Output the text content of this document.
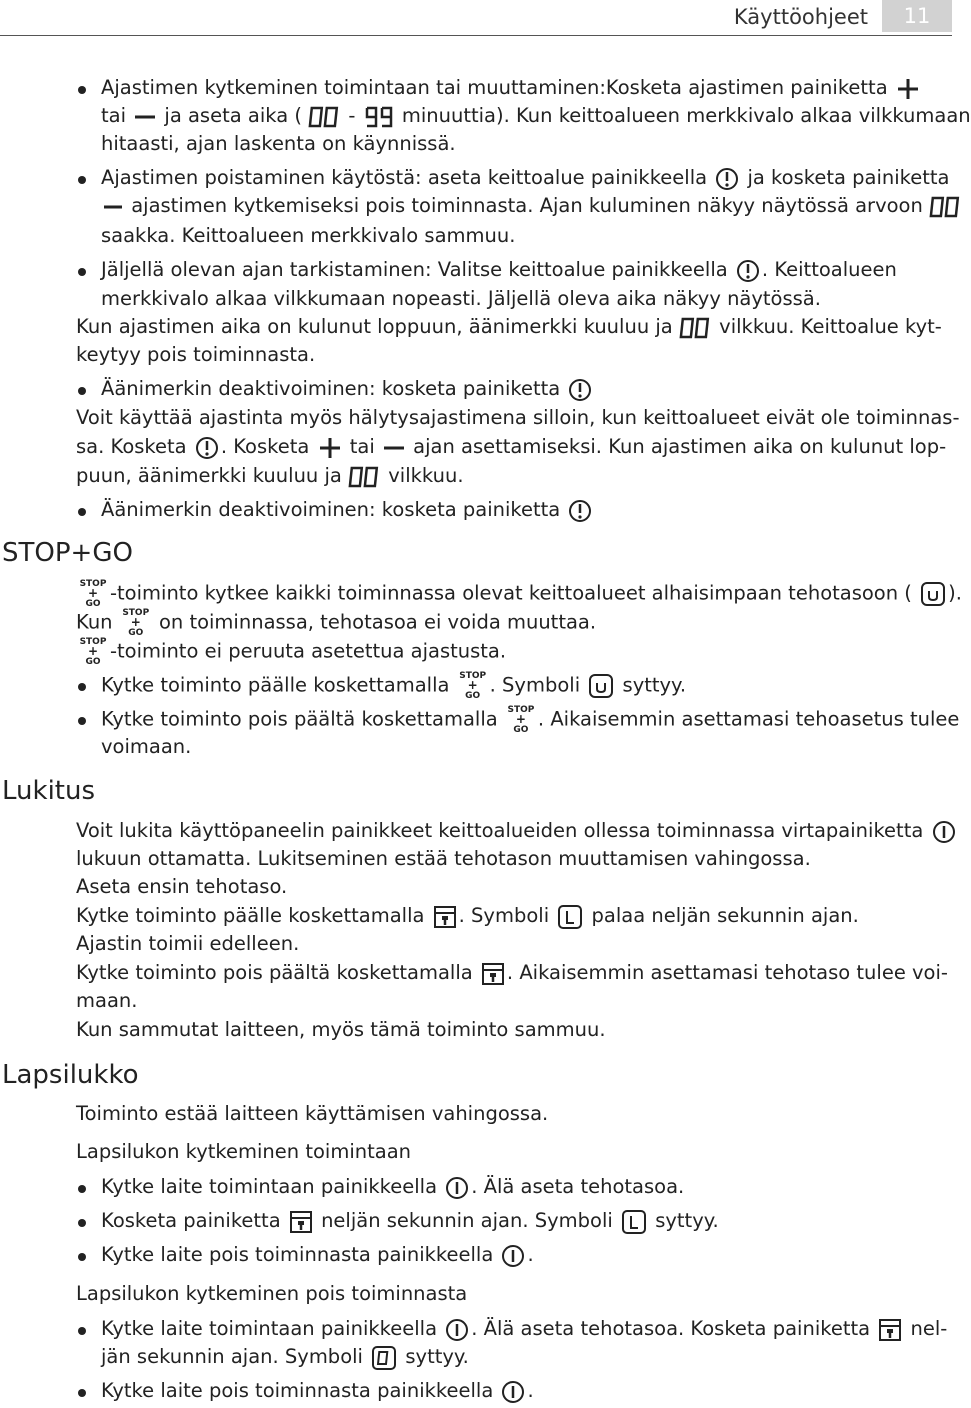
Käyttöohjeet	11
Ajastimen kytkeminen toimintaan tai muuttaminen:Kosketa ajastimen painiketta
tai ja aseta aika ( - minuuttia). Kun keittoalueen merkkivalo alkaa vilkkumaan
hitaasti, ajan laskenta on käynnissä.
Ajastimen poistaminen käytöstä: aseta keittoalue painikkeella ja kosketa painiketta
ajastimen kytkemiseksi pois toiminnasta. Ajan kuluminen näkyy näytössä arvoon
saakka. Keittoalueen merkkivalo sammuu.
Jäljellä olevan ajan tarkistaminen: Valitse keittoalue painikkeella . Keittoalueen
merkkivalo alkaa vilkkumaan nopeasti. Jäljellä oleva aika näkyy näytössä.
Kun ajastimen aika on kulunut loppuun, äänimerkki kuuluu ja vilkkuu. Keittoalue kyt-
keytyy pois toiminnasta.
Äänimerkin deaktivoiminen: kosketa painiketta
Voit käyttää ajastinta myös hälytysajastimena silloin, kun keittoalueet eivät ole toiminnas-
sa. Kosketa . Kosketa tai ajan asettamiseksi. Kun ajastimen aika on kulunut lop-
puun, äänimerkki kuuluu ja vilkkuu.
Äänimerkin deaktivoiminen: kosketa painiketta
STOP+GO
STOP
+
GO -toiminto kytkee kaikki toiminnassa olevat keittoalueet alhaisimpaan tehotasoon ( ).
Kun STOP
+
GO on toiminnassa, tehotasoa ei voida muuttaa.
STOP
+
GO -toiminto ei peruuta asetettua ajastusta.
Kytke toiminto päälle koskettamalla STOP
+
GO . Symboli syttyy.
Kytke toiminto pois päältä koskettamalla STOP
+
GO . Aikaisemmin asettamasi tehoasetus tulee
voimaan.
Lukitus
Voit lukita käyttöpaneelin painikkeet keittoalueiden ollessa toiminnassa virtapainiketta
lukuun ottamatta. Lukitseminen estää tehotason muuttamisen vahingossa.
Aseta ensin tehotaso.
Kytke toiminto päälle koskettamalla . Symboli palaa neljän sekunnin ajan.
Ajastin toimii edelleen.
Kytke toiminto pois päältä koskettamalla . Aikaisemmin asettamasi tehotaso tulee voi-
maan.
Kun sammutat laitteen, myös tämä toiminto sammuu.
Lapsilukko
Toiminto estää laitteen käyttämisen vahingossa.
Lapsilukon kytkeminen toimintaan
Kytke laite toimintaan painikkeella . Älä aseta tehotasoa.
Kosketa painiketta neljän sekunnin ajan. Symboli syttyy.
Kytke laite pois toiminnasta painikkeella .
Lapsilukon kytkeminen pois toiminnasta
Kytke laite toimintaan painikkeella . Älä aseta tehotasoa. Kosketa painiketta nel-
jän sekunnin ajan. Symboli syttyy.
Kytke laite pois toiminnasta painikkeella .
